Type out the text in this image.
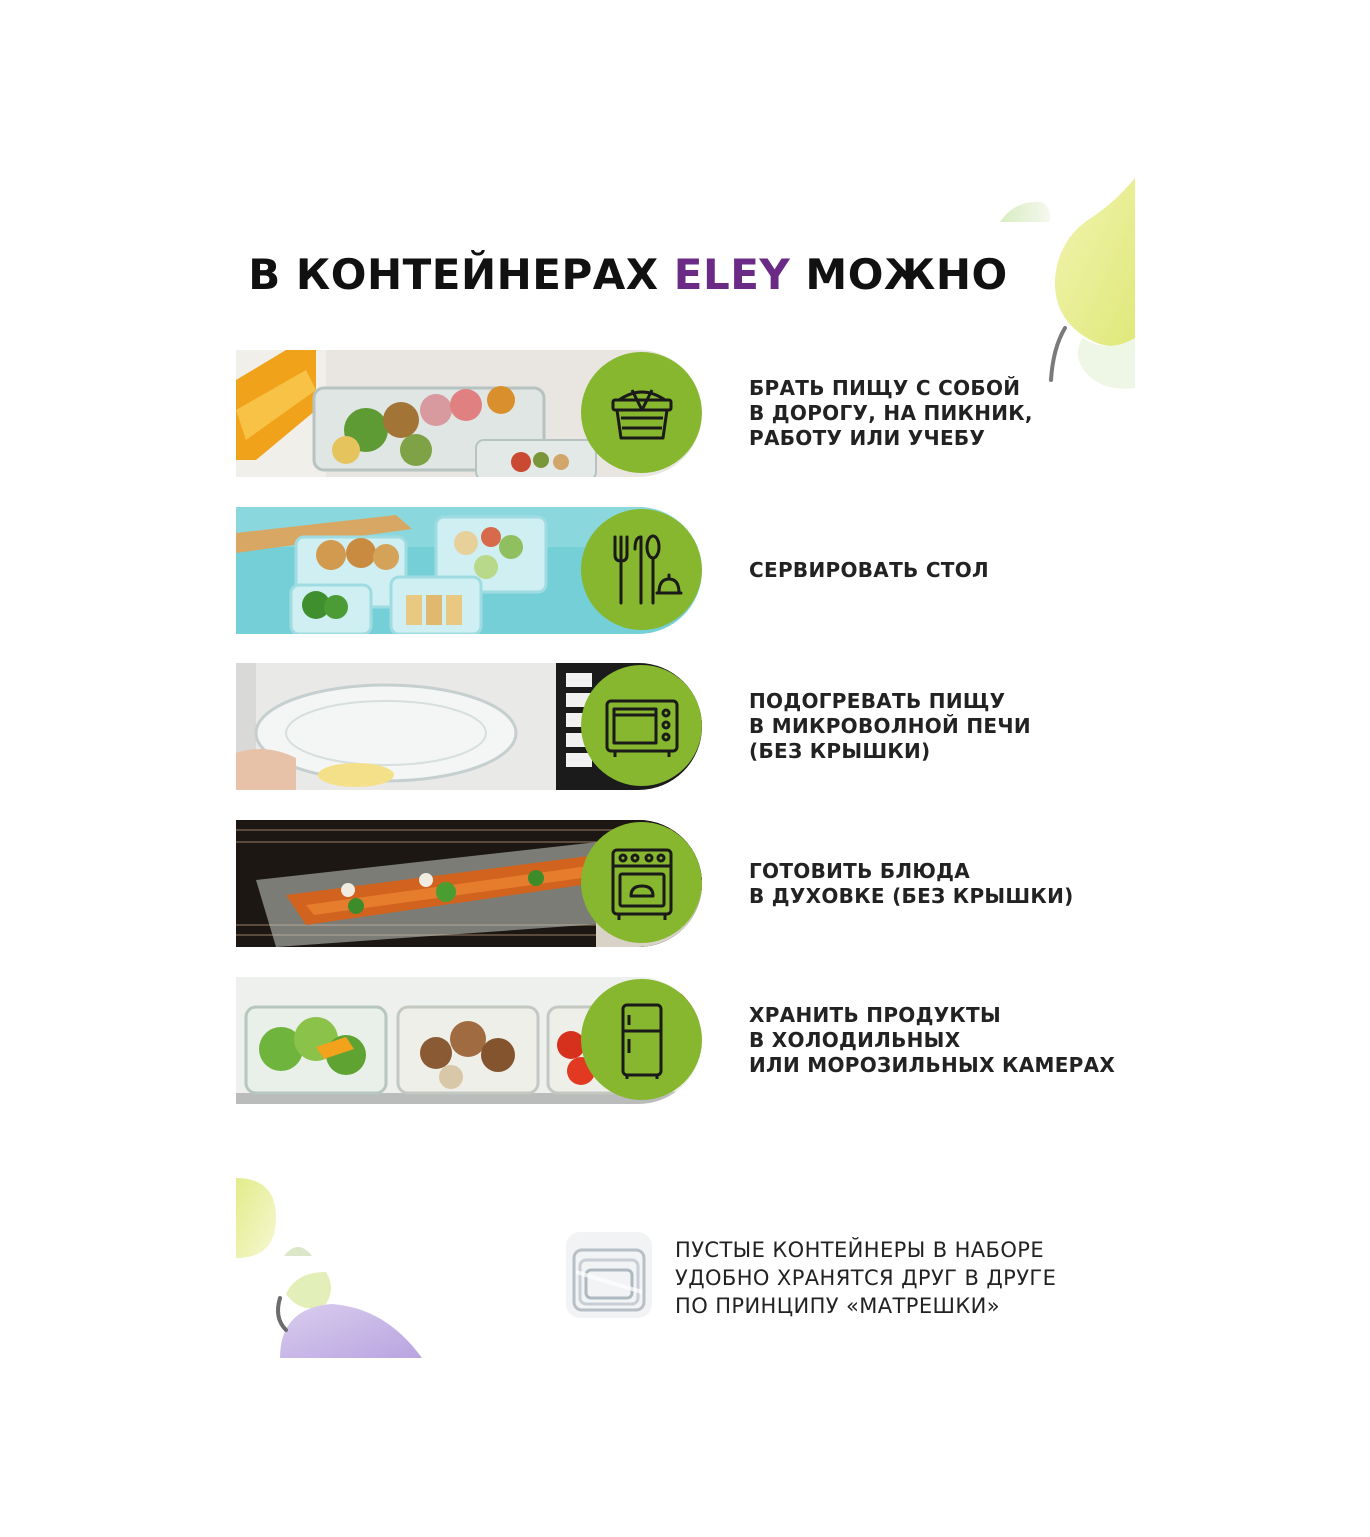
В КОНТЕЙНЕРАХ ELEY МОЖНО
БРАТЬ ПИЩУ С СОБОЙ
В ДОРОГУ, НА ПИКНИК,
РАБОТУ ИЛИ УЧЕБУ
СЕРВИРОВАТЬ СТОЛ
ПОДОГРЕВАТЬ ПИЩУ
В МИКРОВОЛНОЙ ПЕЧИ
(БЕЗ КРЫШКИ)
ГОТОВИТЬ БЛЮДА
В ДУХОВКЕ (БЕЗ КРЫШКИ)
ХРАНИТЬ ПРОДУКТЫ
В ХОЛОДИЛЬНЫХ
ИЛИ МОРОЗИЛЬНЫХ КАМЕРАХ
ПУСТЫЕ КОНТЕЙНЕРЫ В НАБОРЕ
УДОБНО ХРАНЯТСЯ ДРУГ В ДРУГЕ
ПО ПРИНЦИПУ «МАТРЕШКИ»
